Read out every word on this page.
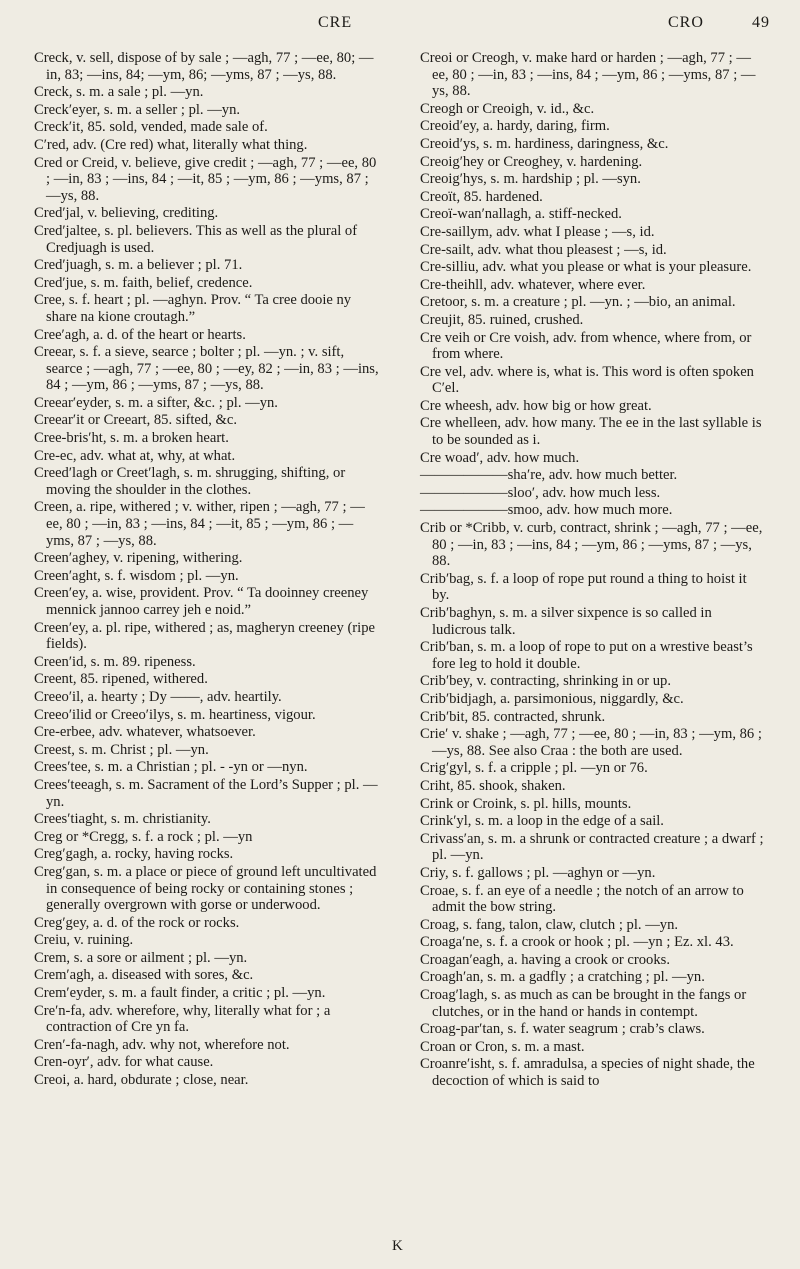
CRE	CRO	49
Creck, v. sell, dispose of by sale ; —agh, 77 ; —ee, 80; —in, 83; —ins, 84; —ym, 86; —yms, 87 ; —ys, 88.
Creck, s. m. a sale ; pl. —yn.
Creck′eyer, s. m. a seller ; pl. —yn.
Creck′it, 85. sold, vended, made sale of.
C′red, adv. (Cre red) what, literally what thing.
Cred or Creid, v. believe, give credit ; —agh, 77 ; —ee, 80 ; —in, 83 ; —ins, 84 ; —it, 85 ; —ym, 86 ; —yms, 87 ; —ys, 88.
Cred′jal, v. believing, crediting.
Cred′jaltee, s. pl. believers. This as well as the plural of Credjuagh is used.
Cred′juagh, s. m. a believer ; pl. 71.
Cred′jue, s. m. faith, belief, credence.
Cree, s. f. heart ; pl. —aghyn. Prov. “ Ta cree dooie ny share na kione croutagh.”
Cree′agh, a. d. of the heart or hearts.
Creear, s. f. a sieve, searce ; bolter ; pl. —yn. ; v. sift, searce ; —agh, 77 ; —ee, 80 ; —ey, 82 ; —in, 83 ; —ins, 84 ; —ym, 86 ; —yms, 87 ; —ys, 88.
Creear′eyder, s. m. a sifter, &c. ; pl. —yn.
Creear′it or Creeart, 85. sifted, &c.
Cree-bris′ht, s. m. a broken heart.
Cre-ec, adv. what at, why, at what.
Creed′lagh or Creet′lagh, s. m. shrugging, shifting, or moving the shoulder in the clothes.
Creen, a. ripe, withered ; v. wither, ripen ; —agh, 77 ; —ee, 80 ; —in, 83 ; —ins, 84 ; —it, 85 ; —ym, 86 ; —yms, 87 ; —ys, 88.
Creen′aghey, v. ripening, withering.
Creen′aght, s. f. wisdom ; pl. —yn.
Creen′ey, a. wise, provident. Prov. “ Ta dooinney creeney mennick jannoo carrey jeh e noid.”
Creen′ey, a. pl. ripe, withered ; as, magheryn creeney (ripe fields).
Creen′id, s. m. 89. ripeness.
Creent, 85. ripened, withered.
Creeo′il, a. hearty ; Dy ——, adv. heartily.
Creeo′ilid or Creeo′ilys, s. m. heartiness, vigour.
Cre-erbee, adv. whatever, whatsoever.
Creest, s. m. Christ ; pl. —yn.
Crees′tee, s. m. a Christian ; pl. - -yn or —nyn.
Crees′teeagh, s. m. Sacrament of the Lord’s Supper ; pl. —yn.
Crees′tiaght, s. m. christianity.
Creg or *Cregg, s. f. a rock ; pl. —yn
Creg′gagh, a. rocky, having rocks.
Creg′gan, s. m. a place or piece of ground left uncultivated in consequence of being rocky or containing stones ; generally overgrown with gorse or underwood.
Creg′gey, a. d. of the rock or rocks.
Creiu, v. ruining.
Crem, s. a sore or ailment ; pl. —yn.
Crem′agh, a. diseased with sores, &c.
Crem′eyder, s. m. a fault finder, a critic ; pl. —yn.
Cre′n-fa, adv. wherefore, why, literally what for ; a contraction of Cre yn fa.
Cren′-fa-nagh, adv. why not, wherefore not.
Cren-oyr′, adv. for what cause.
Creoi, a. hard, obdurate ; close, near.
Creoi or Creogh, v. make hard or harden ; —agh, 77 ; —ee, 80 ; —in, 83 ; —ins, 84 ; —ym, 86 ; —yms, 87 ; —ys, 88.
Creogh or Creoigh, v. id., &c.
Creoid′ey, a. hardy, daring, firm.
Creoid′ys, s. m. hardiness, daringness, &c.
Creoig′hey or Creoghey, v. hardening.
Creoig′hys, s. m. hardship ; pl. —syn.
Creoït, 85. hardened.
Creoï-wan′nallagh, a. stiff-necked.
Cre-saillym, adv. what I please ; —s, id.
Cre-sailt, adv. what thou pleasest ; —s, id.
Cre-silliu, adv. what you please or what is your pleasure.
Cre-theihll, adv. whatever, where ever.
Cretoor, s. m. a creature ; pl. —yn. ; —bio, an animal.
Creujit, 85. ruined, crushed.
Cre veih or Cre voish, adv. from whence, where from, or from where.
Cre vel, adv. where is, what is. This word is often spoken C′el.
Cre wheesh, adv. how big or how great.
Cre whelleen, adv. how many. The ee in the last syllable is to be sounded as i.
Cre woad′, adv. how much.
——————sha′re, adv. how much better.
——————sloo′, adv. how much less.
——————smoo, adv. how much more.
Crib or *Cribb, v. curb, contract, shrink ; —agh, 77 ; —ee, 80 ; —in, 83 ; —ins, 84 ; —ym, 86 ; —yms, 87 ; —ys, 88.
Crib′bag, s. f. a loop of rope put round a thing to hoist it by.
Crib′baghyn, s. m. a silver sixpence is so called in ludicrous talk.
Crib′ban, s. m. a loop of rope to put on a wrestive beast’s fore leg to hold it double.
Crib′bey, v. contracting, shrinking in or up.
Crib′bidjagh, a. parsimonious, niggardly, &c.
Crib′bit, 85. contracted, shrunk.
Crie′ v. shake ; —agh, 77 ; —ee, 80 ; —in, 83 ; —ym, 86 ; —ys, 88. See also Craa : the both are used.
Crig′gyl, s. f. a cripple ; pl. —yn or 76.
Criht, 85. shook, shaken.
Crink or Croink, s. pl. hills, mounts.
Crink′yl, s. m. a loop in the edge of a sail.
Crivass′an, s. m. a shrunk or contracted creature ; a dwarf ; pl. —yn.
Criy, s. f. gallows ; pl. —aghyn or —yn.
Croae, s. f. an eye of a needle ; the notch of an arrow to admit the bow string.
Croag, s. fang, talon, claw, clutch ; pl. —yn.
Croaga′ne, s. f. a crook or hook ; pl. —yn ; Ez. xl. 43.
Croagan′eagh, a. having a crook or crooks.
Croagh′an, s. m. a gadfly ; a cratching ; pl. —yn.
Croag′lagh, s. as much as can be brought in the fangs or clutches, or in the hand or hands in contempt.
Croag-par′tan, s. f. water seagrum ; crab’s claws.
Croan or Cron, s. m. a mast.
Croanre′isht, s. f. amradulsa, a species of night shade, the decoction of which is said to
K
